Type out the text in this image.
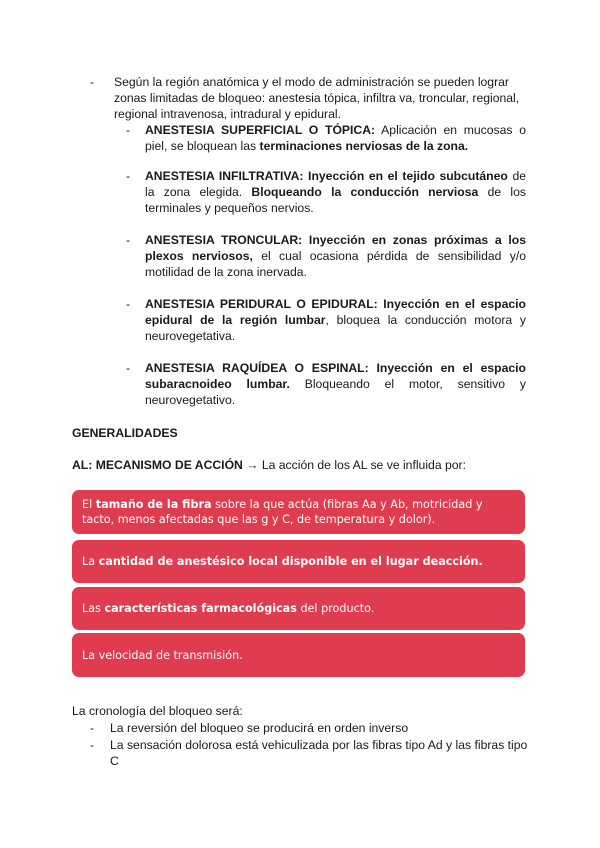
-	Según la región anatómica y el modo de administración se pueden lograr zonas limitadas de bloqueo: anestesia tópica, infiltra va, troncular, regional, regional intravenosa, intradural y epidural.
-	ANESTESIA SUPERFICIAL O TÓPICA: Aplicación en mucosas o piel, se bloquean las terminaciones nerviosas de la zona.
-	ANESTESIA INFILTRATIVA: Inyección en el tejido subcutáneo de la zona elegida. Bloqueando la conducción nerviosa de los terminales y pequeños nervios.
-	ANESTESIA TRONCULAR: Inyección en zonas próximas a los plexos nerviosos, el cual ocasiona pérdida de sensibilidad y/o motilidad de la zona inervada.
-	ANESTESIA PERIDURAL O EPIDURAL: Inyección en el espacio epidural de la región lumbar, bloquea la conducción motora y neurovegetativa.
-	ANESTESIA RAQUÍDEA O ESPINAL: Inyección en el espacio subaracnoideo lumbar. Bloqueando el motor, sensitivo y neurovegetativo.
GENERALIDADES
AL: MECANISMO DE ACCIÓN → La acción de los AL se ve influida por:
El tamaño de la fibra sobre la que actúa (fibras Aa y Ab, motricidad y tacto, menos afectadas que las g y C, de temperatura y dolor).
La cantidad de anestésico local disponible en el lugar deacción.
Las características farmacológicas del producto.
La velocidad de transmisión.
La cronología del bloqueo será:
-	La reversión del bloqueo se producirá en orden inverso
-	La sensación dolorosa está vehiculizada por las fibras tipo Ad y las fibras tipo C
